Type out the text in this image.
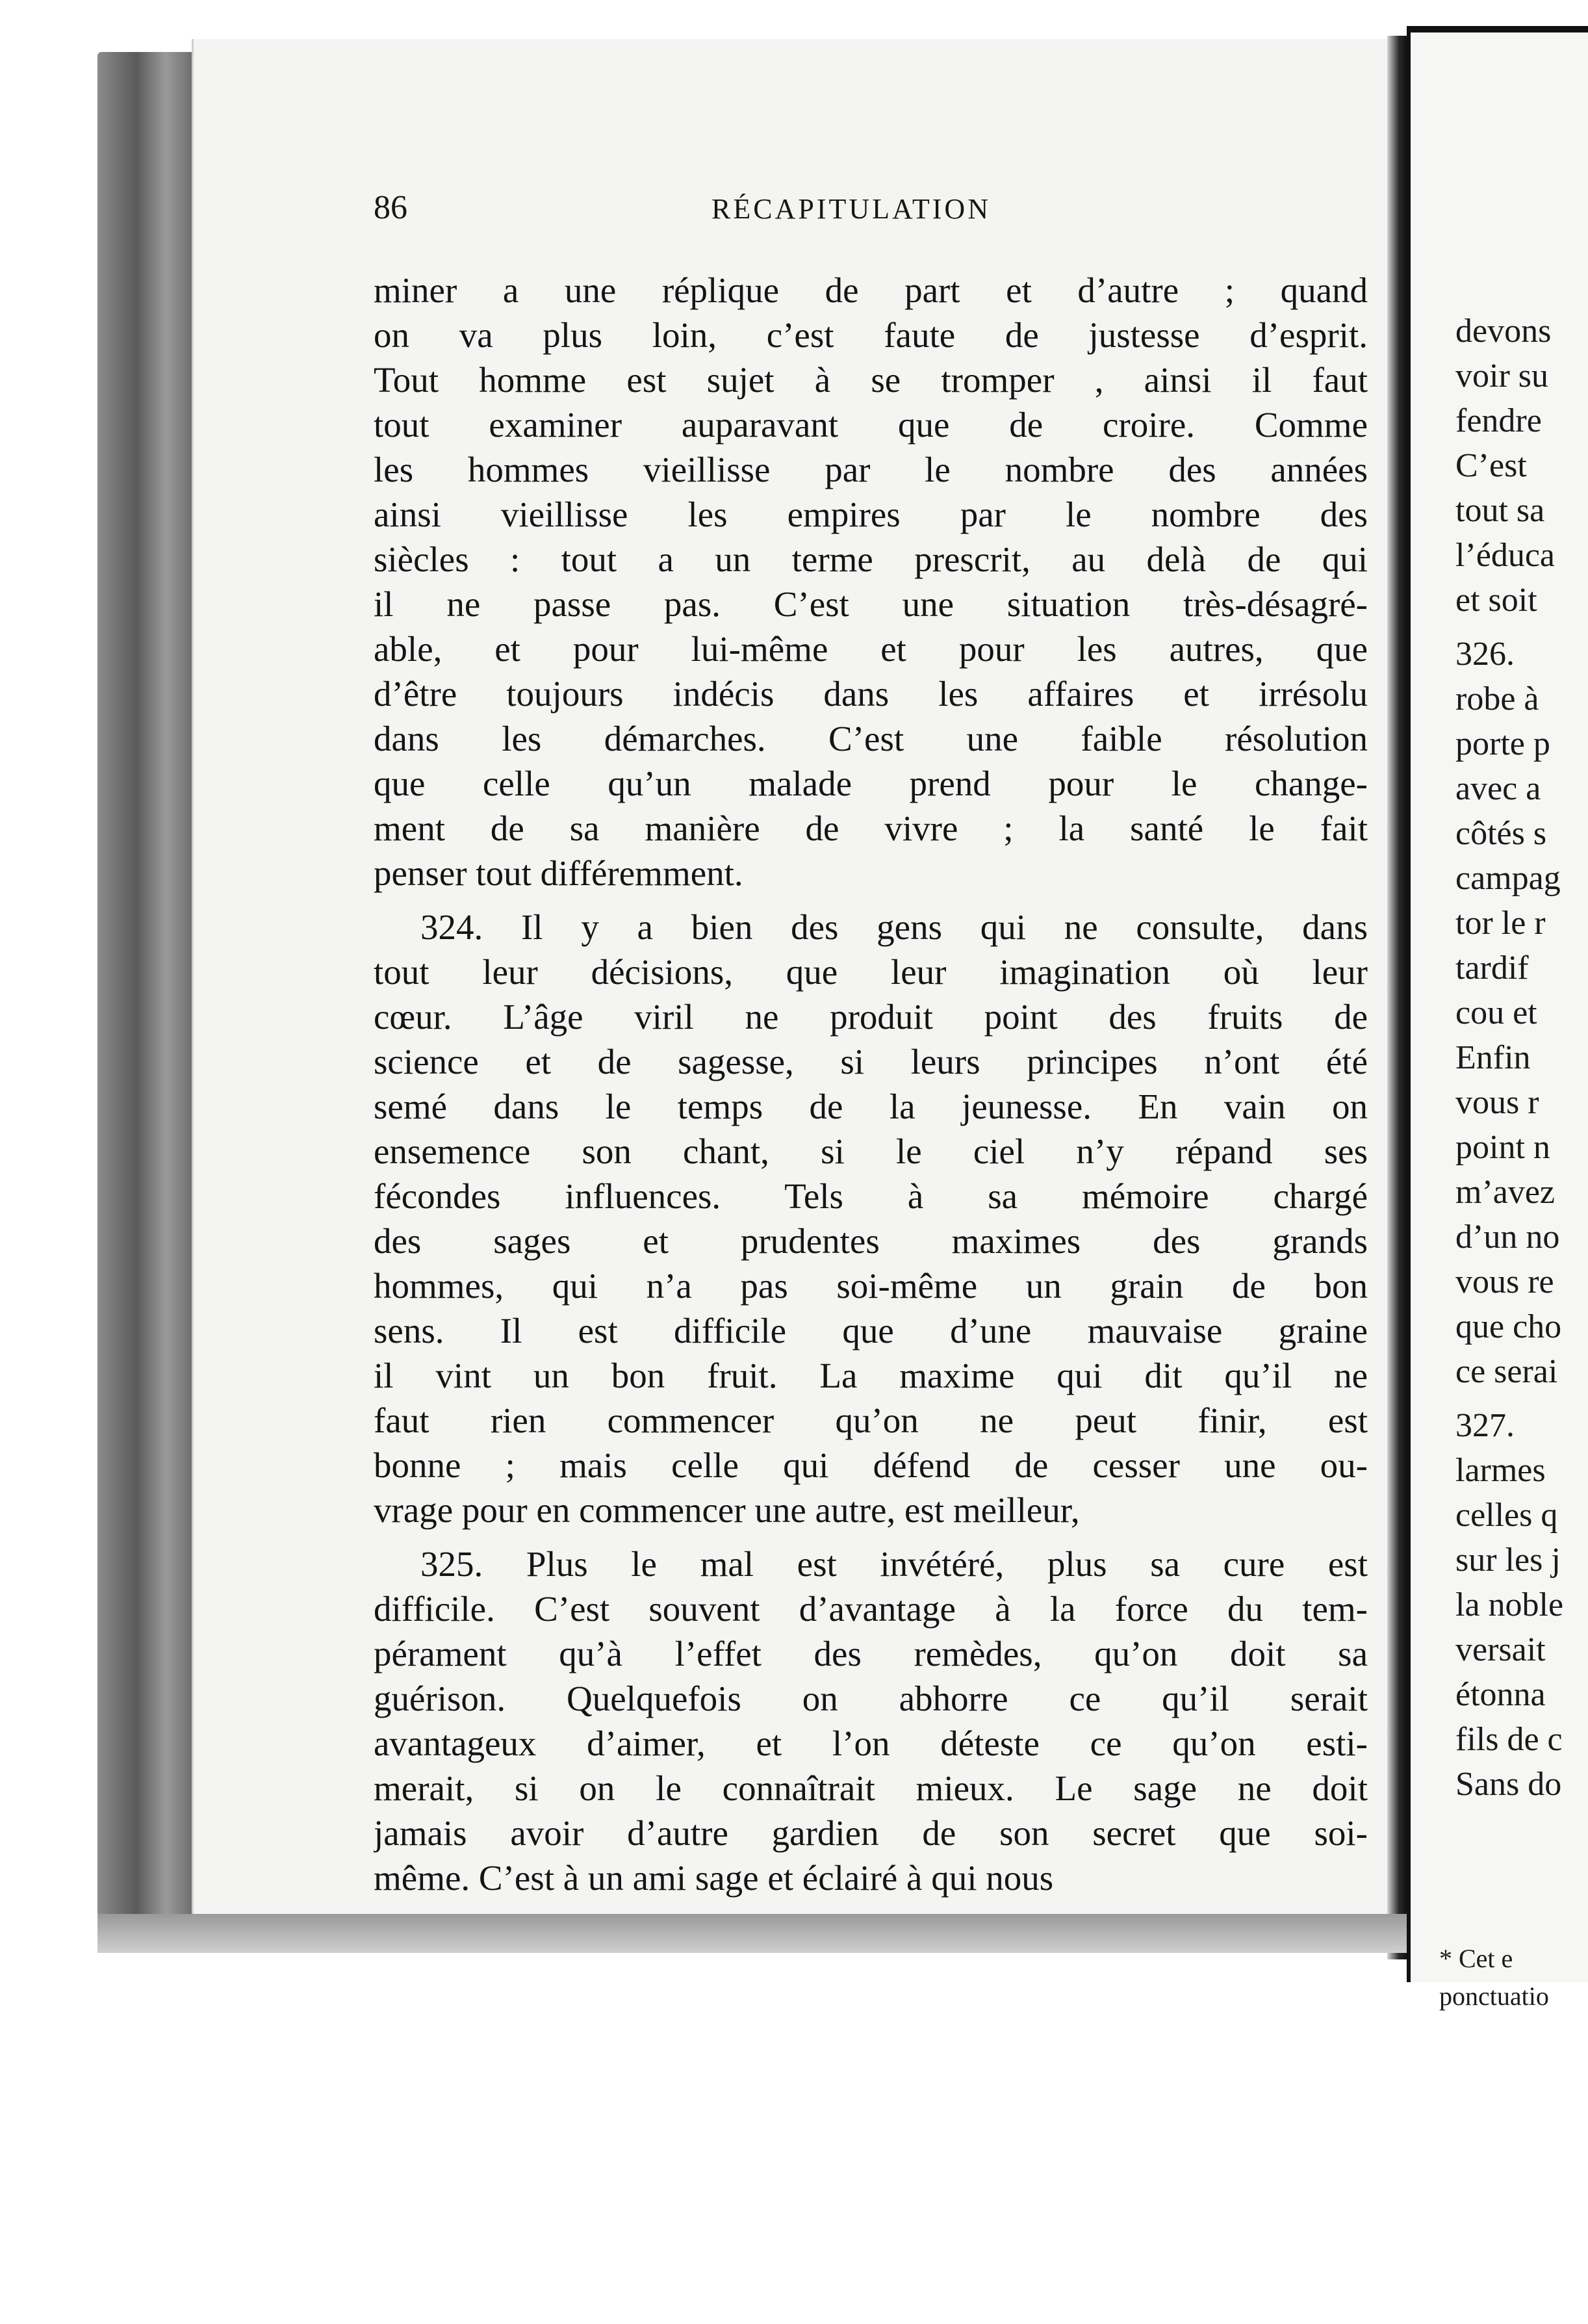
86	RÉCAPITULATION
miner a une réplique de part et d’autre ; quand
on va plus loin, c’est faute de justesse d’esprit.
Tout homme est sujet à se tromper , ainsi il faut
tout examiner auparavant que de croire. Comme
les hommes vieillisse par le nombre des années
ainsi vieillisse les empires par le nombre des
siècles : tout a un terme prescrit, au delà de qui
il ne passe pas. C’est une situation très-désagré-
able, et pour lui-même et pour les autres, que
d’être toujours indécis dans les affaires et irrésolu
dans les démarches. C’est une faible résolution
que celle qu’un malade prend pour le change-
ment de sa manière de vivre ; la santé le fait
penser tout différemment.
324. Il y a bien des gens qui ne consulte, dans
tout leur décisions, que leur imagination où leur
cœur. L’âge viril ne produit point des fruits de
science et de sagesse, si leurs principes n’ont été
semé dans le temps de la jeunesse. En vain on
ensemence son chant, si le ciel n’y répand ses
fécondes influences. Tels à sa mémoire chargé
des sages et prudentes maximes des grands
hommes, qui n’a pas soi-même un grain de bon
sens. Il est difficile que d’une mauvaise graine
il vint un bon fruit. La maxime qui dit qu’il ne
faut rien commencer qu’on ne peut finir, est
bonne ; mais celle qui défend de cesser une ou-
vrage pour en commencer une autre, est meilleur,
325. Plus le mal est invétéré, plus sa cure est
difficile. C’est souvent d’avantage à la force du tem-
pérament qu’à l’effet des remèdes, qu’on doit sa
guérison. Quelquefois on abhorre ce qu’il serait
avantageux d’aimer, et l’on déteste ce qu’on esti-
merait, si on le connaîtrait mieux. Le sage ne doit
jamais avoir d’autre gardien de son secret que soi-
même. C’est à un ami sage et éclairé à qui nous
devons
voir su
fendre
C’est
tout sa
l’éduca
et soit
326.
robe à
porte p
avec a
côtés s
campag
tor le r
tardif
cou et
Enfin
vous r
point n
m’avez
d’un no
vous re
que cho
ce serai
327.
larmes
celles q
sur les j
la noble
versait
étonna
fils de c
Sans do
* Cet e
ponctuatio
